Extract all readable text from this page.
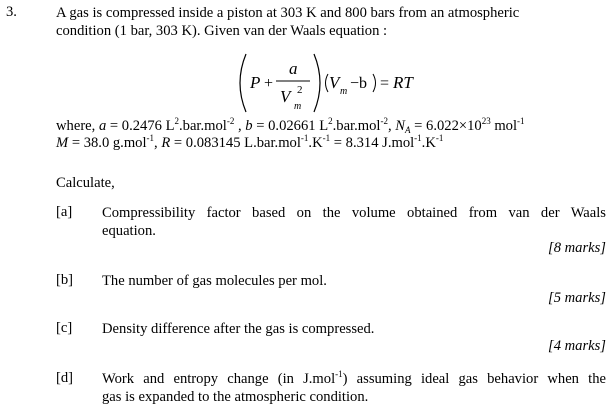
3.	A gas is compressed inside a piston at 303 K and 800 bars from an atmospheric
condition (1 bar, 303 K). Given van der Waals equation :
P +
a
V 2
m
V m −b = RT
where, a = 0.2476 $L^2.bar.mol^{-2}$ , b = 0.02661 $L^2.bar.mol^{-2}$, $N_A = 6.022\times 10^{23}$ mol$^{-1}$
M = 38.0 g.mol$^{-1}$, R = 0.083145 $L.bar.mol^{-1}.K^{-1} = 8.314$ $J.mol^{-1}.K^{-1}$
Calculate,
[a] Compressibility factor based on the volume obtained from van der Waals
equation.
[8 marks]
[b] The number of gas molecules per mol.
[5 marks]
[c] Density difference after the gas is compressed.
[4 marks]
[d] Work and entropy change (in J.mol$^{-1}$) assuming ideal gas behavior when the
gas is expanded to the atmospheric condition.
